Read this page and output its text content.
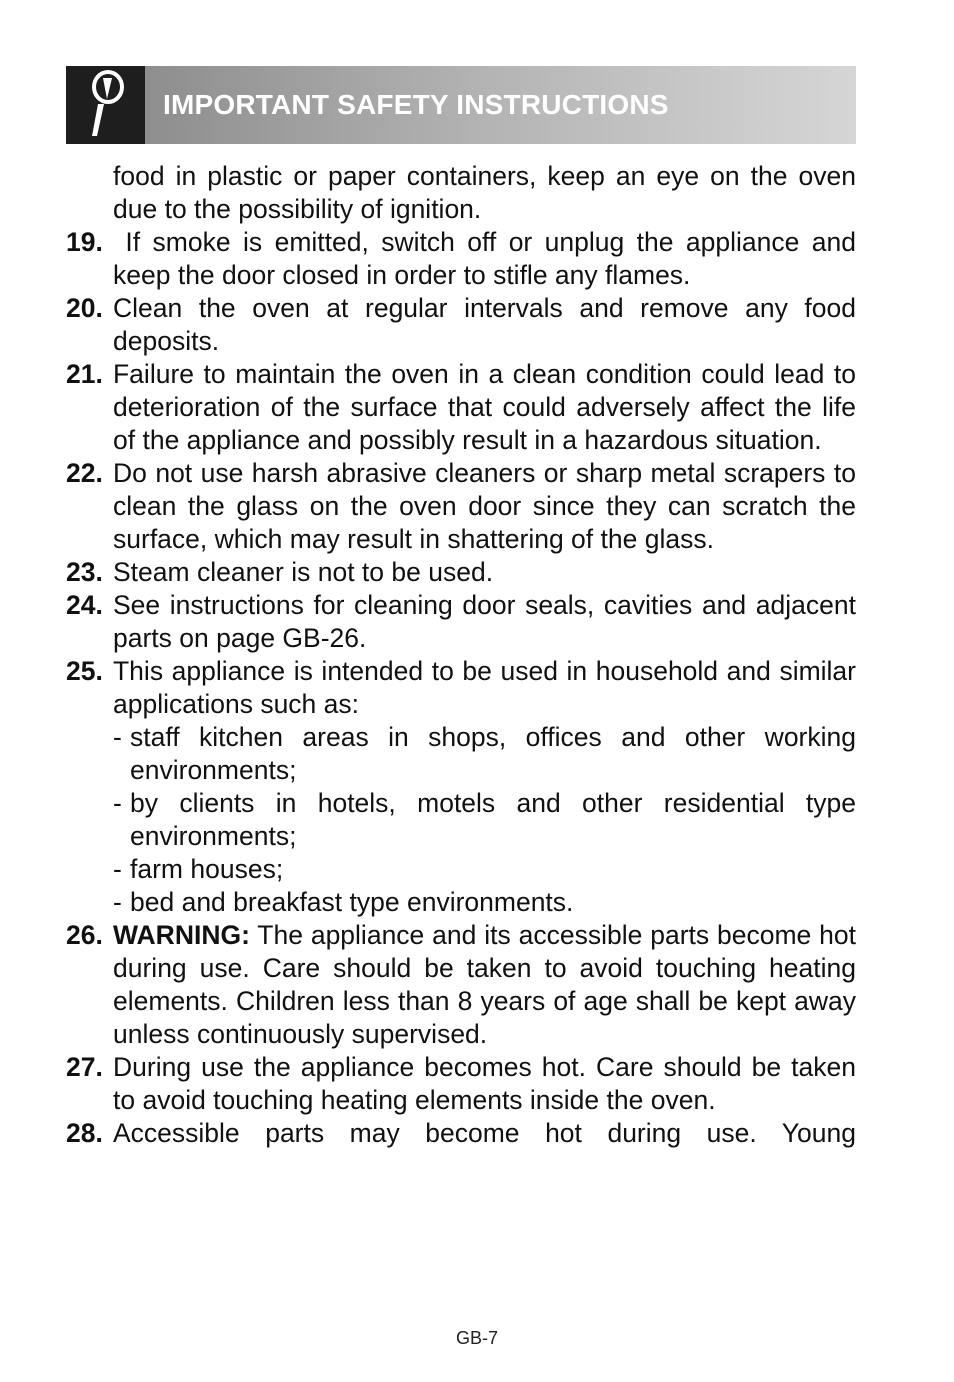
IMPORTANT SAFETY INSTRUCTIONS
food in plastic or paper containers, keep an eye on the oven due to the possibility of ignition.
19. If smoke is emitted, switch off or unplug the appliance and keep the door closed in order to stifle any flames.
20. Clean the oven at regular intervals and remove any food deposits.
21. Failure to maintain the oven in a clean condition could lead to deterioration of the surface that could adversely affect the life of the appliance and possibly result in a hazardous situation.
22. Do not use harsh abrasive cleaners or sharp metal scrapers to clean the glass on the oven door since they can scratch the surface, which may result in shattering of the glass.
23. Steam cleaner is not to be used.
24. See instructions for cleaning door seals, cavities and adjacent parts on page GB-26.
25. This appliance is intended to be used in household and similar applications such as:
- staff kitchen areas in shops, offices and other working environments;
- by clients in hotels, motels and other residential type environments;
- farm houses;
- bed and breakfast type environments.
26. WARNING: The appliance and its accessible parts become hot during use. Care should be taken to avoid touching heating elements. Children less than 8 years of age shall be kept away unless continuously supervised.
27. During use the appliance becomes hot. Care should be taken to avoid touching heating elements inside the oven.
28. Accessible parts may become hot during use. Young
GB-7
